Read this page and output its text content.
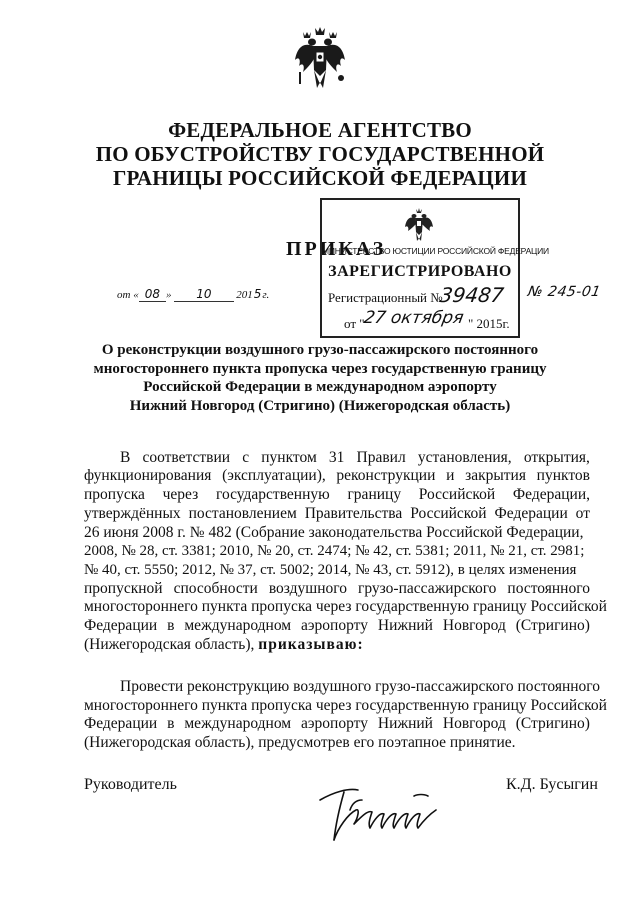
ФЕДЕРАЛЬНОЕ АГЕНТСТВО
ПО ОБУСТРОЙСТВУ ГОСУДАРСТВЕННОЙ
ГРАНИЦЫ РОССИЙСКОЙ ФЕДЕРАЦИИ
ПРИКАЗ
МИНИСТЕРСТВО ЮСТИЦИИ РОССИЙСКОЙ ФЕДЕРАЦИИ
ЗАРЕГИСТРИРОВАНО
Регистрационный №
39487
от "
27 октября " 2015г.
№ 245-01
от « 08 » 10 2015г.
О реконструкции воздушного грузо-пассажирского постоянного
многостороннего пункта пропуска через государственную границу
Российской Федерации в международном аэропорту
Нижний Новгород (Стригино) (Нижегородская область)
В соответствии с пунктом 31 Правил установления, открытия,
функционирования (эксплуатации), реконструкции и закрытия пунктов
пропуска через государственную границу Российской Федерации,
утверждённых постановлением Правительства Российской Федерации от
26 июня 2008 г. № 482 (Собрание законодательства Российской Федерации,
2008, № 28, ст. 3381; 2010, № 20, ст. 2474; № 42, ст. 5381; 2011, № 21, ст. 2981;
№ 40, ст. 5550; 2012, № 37, ст. 5002; 2014, № 43, ст. 5912), в целях изменения
пропускной способности воздушного грузо-пассажирского постоянного
многостороннего пункта пропуска через государственную границу Российской
Федерации в международном аэропорту Нижний Новгород (Стригино)
(Нижегородская область), приказываю:
Провести реконструкцию воздушного грузо-пассажирского постоянного
многостороннего пункта пропуска через государственную границу Российской
Федерации в международном аэропорту Нижний Новгород (Стригино)
(Нижегородская область), предусмотрев его поэтапное принятие.
Руководитель	К.Д. Бусыгин
